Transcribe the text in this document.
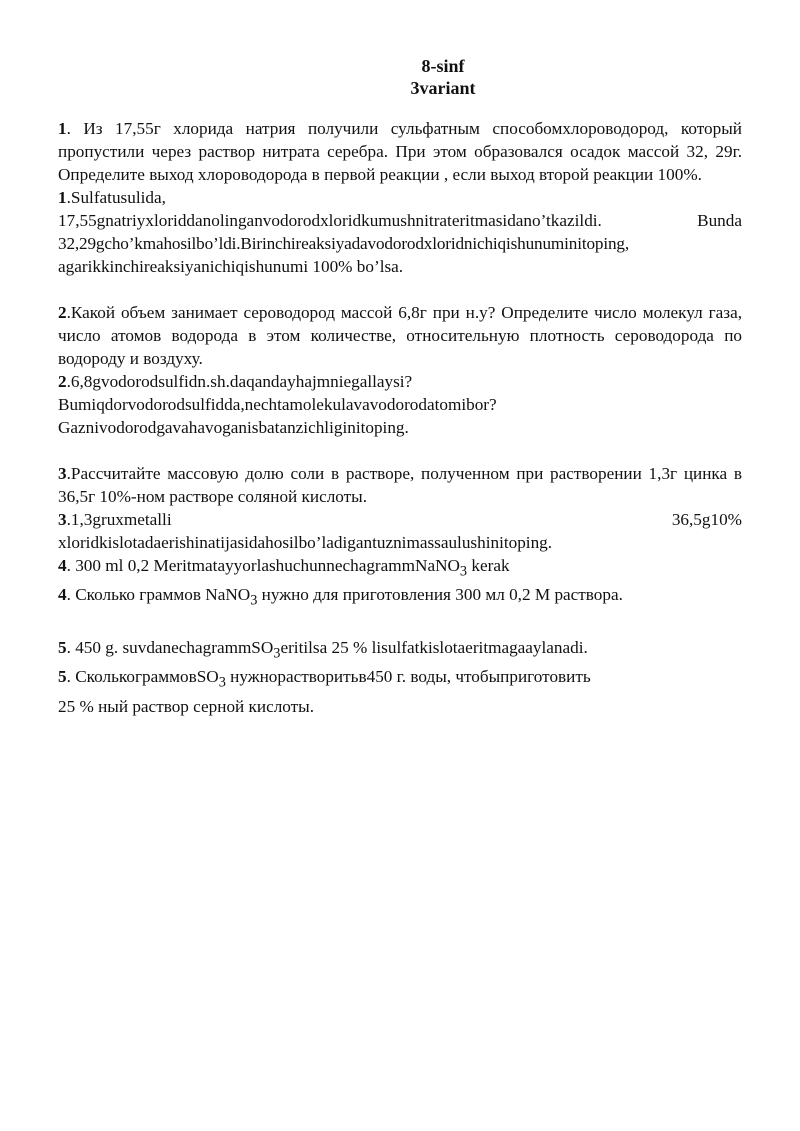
8-sinf
3variant
1. Из 17,55г хлорида натрия получили сульфатным способомхлороводород, который пропустили через раствор нитрата серебра. При этом образовался осадок массой 32, 29г. Определите выход хлороводорода в первой реакции , если выход второй реакции 100%.
1.Sulfatusulida,
17,55gnatriyxloriddanolinganvodorodxloridkumushnitrateritmasidano’tkazildi.	Bunda
32,29gcho’kmahosilbo’ldi.Birinchireaksiyadavodorodxloridnichiqishunuminitoping,
agarikkinchireaksiyanichiqishunumi 100% bo’lsa.
2.Какой объем занимает сероводород массой 6,8г при н.у? Определите число молекул газа, число атомов водорода в этом количестве, относительную плотность сероводорода по водороду и воздуху.
2.6,8gvodorodsulfidn.sh.daqandayhajmniegallaysi?
Bumiqdorvodorodsulfidda,nechtamolekulavavodorodatomibor?
Gaznivodorodgavahavoganisbatanzichliginitoping.
3.Рассчитайте массовую долю соли в растворе, полученном при растворении 1,3г цинка в 36,5г 10%-ном растворе соляной кислоты.
3.1,3gruxmetalli	36,5g10%
xloridkislotadaerishinatijasidahosilbo’ladigantuznimassaulushinitoping.
4. 300 ml 0,2 MeritmatayyorlashuchunnechagrammNaNO$_3$ kerak
4. Сколько граммов NaNO$_3$ нужно для приготовления 300 мл 0,2 М раствора.
5. 450 g. suvdanechagrammSO$_3$eritilsa 25 % lisulfatkislotaeritmagaaylanadi.
5. СколькограммовSO$_3$ нужнорастворитьв450 г. воды, чтобыприготовить
25 % ный раствор серной кислоты.
